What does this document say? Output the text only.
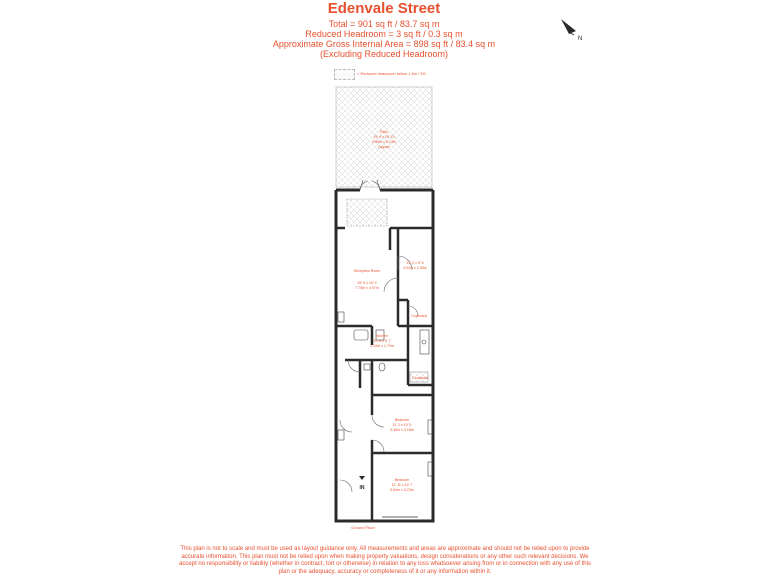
Edenvale Street
Total = 901 sq ft / 83.7 sq m
Reduced Headroom = 3 sq ft / 0.3 sq m
Approximate Gross Internal Area = 898 sq ft / 83.4 sq m
(Excluding Reduced Headroom)
= Reduced headroom below 1.5m / 5'0
N
Patio
19' 4 x 16' 10
5.89m x 5.13m
Approx
Reception Room
25' 5 x 16' 4
7.75m x 4.97m
13' 2 x 5' 5
4.02m x 1.65m
Cupboard
Kitchen
10' 8 x 5' 7
3.12m x 1.70m
Courtyard
Bedroom
11' 2 x 10' 5
3.40m x 3.18m
Bedroom
11' 11 x 10' 7
3.64m x 3.23m
Ground Floor
IN
This plan is not to scale and must be used as layout guidance only. All measurements and areas are approximate and should not be relied upon to provide accurate information. This plan must not be relied upon when making property valuations, design considerations or any other such relevant decisions. We accept no responsibility or liability (whether in contract, tort or otherwise) in relation to any loss whatsoever arising from or in connection with any use of this plan or the adequacy, accuracy or completeness of it or any information within it.
